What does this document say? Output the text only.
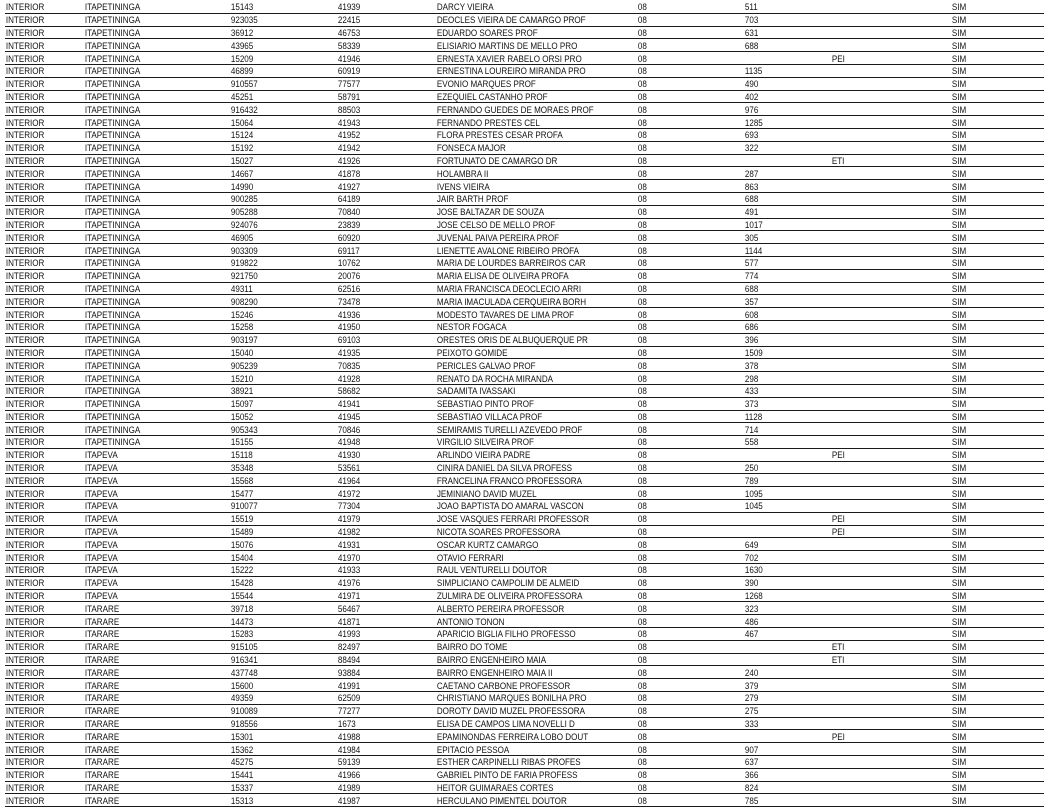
INTERIOR	ITAPETININGA	15143	41939	DARCY VIEIRA	08	511		SIM
INTERIOR	ITAPETININGA	923035	22415	DEOCLES VIEIRA DE CAMARGO PROF	08	703		SIM
INTERIOR	ITAPETININGA	36912	46753	EDUARDO SOARES PROF	08	631		SIM
INTERIOR	ITAPETININGA	43965	58339	ELISIARIO MARTINS DE MELLO PRO	08	688		SIM
INTERIOR	ITAPETININGA	15209	41946	ERNESTA XAVIER RABELO ORSI PRO	08		PEI	SIM
INTERIOR	ITAPETININGA	46899	60919	ERNESTINA LOUREIRO MIRANDA PRO	08	1135		SIM
INTERIOR	ITAPETININGA	910557	77577	EVONIO MARQUES PROF	08	490		SIM
INTERIOR	ITAPETININGA	45251	58791	EZEQUIEL CASTANHO PROF	08	402		SIM
INTERIOR	ITAPETININGA	916432	88503	FERNANDO GUEDES DE MORAES PROF	08	976		SIM
INTERIOR	ITAPETININGA	15064	41943	FERNANDO PRESTES CEL	08	1285		SIM
INTERIOR	ITAPETININGA	15124	41952	FLORA PRESTES CESAR PROFA	08	693		SIM
INTERIOR	ITAPETININGA	15192	41942	FONSECA MAJOR	08	322		SIM
INTERIOR	ITAPETININGA	15027	41926	FORTUNATO DE CAMARGO DR	08		ETI	SIM
INTERIOR	ITAPETININGA	14667	41878	HOLAMBRA II	08	287		SIM
INTERIOR	ITAPETININGA	14990	41927	IVENS VIEIRA	08	863		SIM
INTERIOR	ITAPETININGA	900285	64189	JAIR BARTH PROF	08	688		SIM
INTERIOR	ITAPETININGA	905288	70840	JOSE BALTAZAR DE SOUZA	08	491		SIM
INTERIOR	ITAPETININGA	924076	23839	JOSE CELSO DE MELLO PROF	08	1017		SIM
INTERIOR	ITAPETININGA	46905	60920	JUVENAL PAIVA PEREIRA PROF	08	305		SIM
INTERIOR	ITAPETININGA	903309	69117	LIENETTE AVALONE RIBEIRO PROFA	08	1144		SIM
INTERIOR	ITAPETININGA	919822	10762	MARIA DE LOURDES BARREIROS CAR	08	577		SIM
INTERIOR	ITAPETININGA	921750	20076	MARIA ELISA DE OLIVEIRA PROFA	08	774		SIM
INTERIOR	ITAPETININGA	49311	62516	MARIA FRANCISCA DEOCLECIO ARRI	08	688		SIM
INTERIOR	ITAPETININGA	908290	73478	MARIA IMACULADA CERQUEIRA BORH	08	357		SIM
INTERIOR	ITAPETININGA	15246	41936	MODESTO TAVARES DE LIMA PROF	08	608		SIM
INTERIOR	ITAPETININGA	15258	41950	NESTOR FOGACA	08	686		SIM
INTERIOR	ITAPETININGA	903197	69103	ORESTES ORIS DE ALBUQUERQUE PR	08	396		SIM
INTERIOR	ITAPETININGA	15040	41935	PEIXOTO GOMIDE	08	1509		SIM
INTERIOR	ITAPETININGA	905239	70835	PERICLES GALVAO PROF	08	378		SIM
INTERIOR	ITAPETININGA	15210	41928	RENATO DA ROCHA MIRANDA	08	298		SIM
INTERIOR	ITAPETININGA	38921	58682	SADAMITA IVASSAKI	08	433		SIM
INTERIOR	ITAPETININGA	15097	41941	SEBASTIAO PINTO PROF	08	373		SIM
INTERIOR	ITAPETININGA	15052	41945	SEBASTIAO VILLACA PROF	08	1128		SIM
INTERIOR	ITAPETININGA	905343	70846	SEMIRAMIS TURELLI AZEVEDO PROF	08	714		SIM
INTERIOR	ITAPETININGA	15155	41948	VIRGILIO SILVEIRA PROF	08	558		SIM
INTERIOR	ITAPEVA	15118	41930	ARLINDO VIEIRA PADRE	08		PEI	SIM
INTERIOR	ITAPEVA	35348	53561	CINIRA DANIEL DA SILVA PROFESS	08	250		SIM
INTERIOR	ITAPEVA	15568	41964	FRANCELINA FRANCO PROFESSORA	08	789		SIM
INTERIOR	ITAPEVA	15477	41972	JEMINIANO DAVID MUZEL	08	1095		SIM
INTERIOR	ITAPEVA	910077	77304	JOAO BAPTISTA DO AMARAL VASCON	08	1045		SIM
INTERIOR	ITAPEVA	15519	41979	JOSE VASQUES FERRARI PROFESSOR	08		PEI	SIM
INTERIOR	ITAPEVA	15489	41982	NICOTA SOARES PROFESSORA	08		PEI	SIM
INTERIOR	ITAPEVA	15076	41931	OSCAR KURTZ CAMARGO	08	649		SIM
INTERIOR	ITAPEVA	15404	41970	OTAVIO FERRARI	08	702		SIM
INTERIOR	ITAPEVA	15222	41933	RAUL VENTURELLI DOUTOR	08	1630		SIM
INTERIOR	ITAPEVA	15428	41976	SIMPLICIANO CAMPOLIM DE ALMEID	08	390		SIM
INTERIOR	ITAPEVA	15544	41971	ZULMIRA DE OLIVEIRA PROFESSORA	08	1268		SIM
INTERIOR	ITARARE	39718	56467	ALBERTO PEREIRA PROFESSOR	08	323		SIM
INTERIOR	ITARARE	14473	41871	ANTONIO TONON	08	486		SIM
INTERIOR	ITARARE	15283	41993	APARICIO BIGLIA FILHO PROFESSO	08	467		SIM
INTERIOR	ITARARE	915105	82497	BAIRRO DO TOME	08		ETI	SIM
INTERIOR	ITARARE	916341	88494	BAIRRO ENGENHEIRO MAIA	08		ETI	SIM
INTERIOR	ITARARE	437748	93884	BAIRRO ENGENHEIRO MAIA II	08	240		SIM
INTERIOR	ITARARE	15600	41991	CAETANO CARBONE PROFESSOR	08	379		SIM
INTERIOR	ITARARE	49359	62509	CHRISTIANO MARQUES BONILHA PRO	08	279		SIM
INTERIOR	ITARARE	910089	77277	DOROTY DAVID MUZEL PROFESSORA	08	275		SIM
INTERIOR	ITARARE	918556	1673	ELISA DE CAMPOS LIMA NOVELLI D	08	333		SIM
INTERIOR	ITARARE	15301	41988	EPAMINONDAS FERREIRA LOBO DOUT	08		PEI	SIM
INTERIOR	ITARARE	15362	41984	EPITACIO PESSOA	08	907		SIM
INTERIOR	ITARARE	45275	59139	ESTHER CARPINELLI RIBAS PROFES	08	637		SIM
INTERIOR	ITARARE	15441	41966	GABRIEL PINTO DE FARIA PROFESS	08	366		SIM
INTERIOR	ITARARE	15337	41989	HEITOR GUIMARAES CORTES	08	824		SIM
INTERIOR	ITARARE	15313	41987	HERCULANO PIMENTEL DOUTOR	08	785		SIM
